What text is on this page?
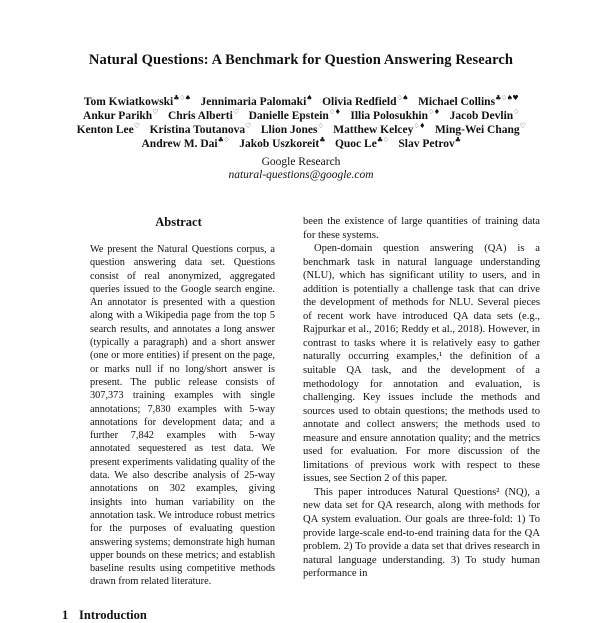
Natural Questions: A Benchmark for Question Answering Research
Tom Kwiatkowski♣♢♠ Jennimaria Palomaki♠ Olivia Redfield♢♠ Michael Collins♣♢♠♥
Ankur Parikh♡ Chris Alberti♡ Danielle Epstein♢♦ Illia Polosukhin♢♦ Jacob Devlin♢
Kenton Lee♡ Kristina Toutanova♡ Llion Jones♢ Matthew Kelcey♢♦ Ming-Wei Chang♡
Andrew M. Dai♣♢ Jakob Uszkoreit♣ Quoc Le♣♢ Slav Petrov♣
Google Research
natural-questions@google.com
Abstract
We present the Natural Questions corpus, a question answering data set. Questions consist of real anonymized, aggregated queries issued to the Google search engine. An annotator is presented with a question along with a Wikipedia page from the top 5 search results, and annotates a long answer (typically a paragraph) and a short answer (one or more entities) if present on the page, or marks null if no long/short answer is present. The public release consists of 307,373 training examples with single annotations; 7,830 examples with 5-way annotations for development data; and a further 7,842 examples with 5-way annotated sequestered as test data. We present experiments validating quality of the data. We also describe analysis of 25-way annotations on 302 examples, giving insights into human variability on the annotation task. We introduce robust metrics for the purposes of evaluating question answering systems; demonstrate high human upper bounds on these metrics; and establish baseline results using competitive methods drawn from related literature.
1 Introduction

been the existence of large quantities of training data for these systems.

Open-domain question answering (QA) is a benchmark task in natural language understanding (NLU), which has significant utility to users, and in addition is potentially a challenge task that can drive the development of methods for NLU. Several pieces of recent work have introduced QA data sets (e.g., Rajpurkar et al., 2016; Reddy et al., 2018). However, in contrast to tasks where it is relatively easy to gather naturally occurring examples,¹ the definition of a suitable QA task, and the development of a methodology for annotation and evaluation, is challenging. Key issues include the methods and sources used to obtain questions; the methods used to annotate and collect answers; the methods used to measure and ensure annotation quality; and the metrics used for evaluation. For more discussion of the limitations of previous work with respect to these issues, see Section 2 of this paper.

This paper introduces Natural Questions² (NQ), a new data set for QA research, along with methods for QA system evaluation. Our goals are three-fold: 1) To provide large-scale end-to-end training data for the QA problem. 2) To provide a data set that drives research in natural language understanding. 3) To study human performance in
